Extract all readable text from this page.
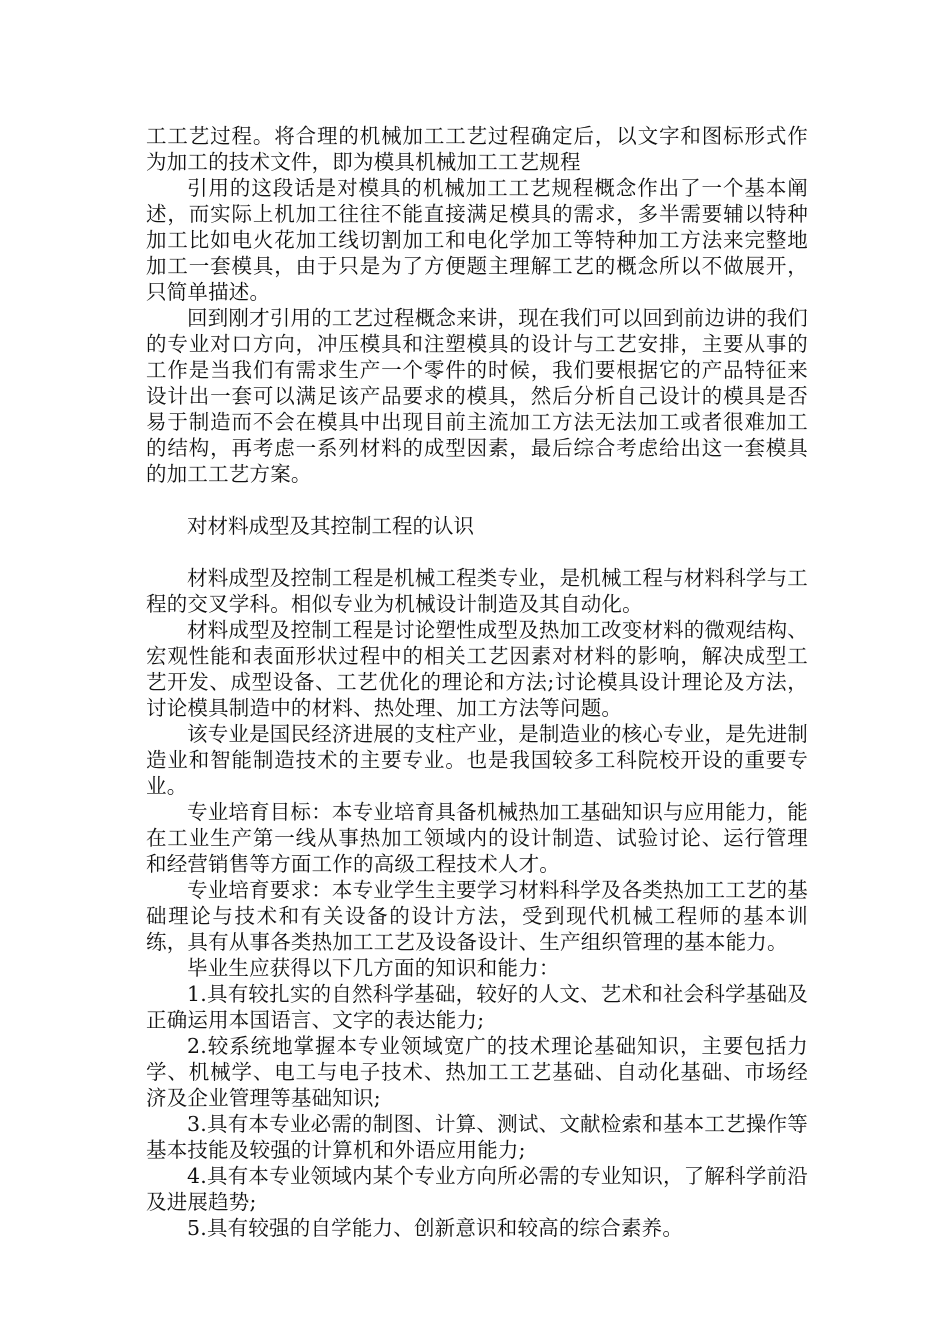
工工艺过程。将合理的机械加工工艺过程确定后，以文字和图标形式作为加工的技术文件，即为模具机械加工工艺规程

引用的这段话是对模具的机械加工工艺规程概念作出了一个基本阐述，而实际上机加工往往不能直接满足模具的需求，多半需要辅以特种加工比如电火花加工线切割加工和电化学加工等特种加工方法来完整地加工一套模具，由于只是为了方便题主理解工艺的概念所以不做展开，只简单描述。

回到刚才引用的工艺过程概念来讲，现在我们可以回到前边讲的我们的专业对口方向，冲压模具和注塑模具的设计与工艺安排，主要从事的工作是当我们有需求生产一个零件的时候，我们要根据它的产品特征来设计出一套可以满足该产品要求的模具，然后分析自己设计的模具是否易于制造而不会在模具中出现目前主流加工方法无法加工或者很难加工的结构，再考虑一系列材料的成型因素，最后综合考虑给出这一套模具的加工工艺方案。

对材料成型及其控制工程的认识

材料成型及控制工程是机械工程类专业，是机械工程与材料科学与工程的交叉学科。相似专业为机械设计制造及其自动化。

材料成型及控制工程是讨论塑性成型及热加工改变材料的微观结构、宏观性能和表面形状过程中的相关工艺因素对材料的影响，解决成型工艺开发、成型设备、工艺优化的理论和方法;讨论模具设计理论及方法，讨论模具制造中的材料、热处理、加工方法等问题。

该专业是国民经济进展的支柱产业，是制造业的核心专业，是先进制造业和智能制造技术的主要专业。也是我国较多工科院校开设的重要专业。

专业培育目标：本专业培育具备机械热加工基础知识与应用能力，能在工业生产第一线从事热加工领域内的设计制造、试验讨论、运行管理和经营销售等方面工作的高级工程技术人才。

专业培育要求：本专业学生主要学习材料科学及各类热加工工艺的基础理论与技术和有关设备的设计方法，受到现代机械工程师的基本训练，具有从事各类热加工工艺及设备设计、生产组织管理的基本能力。

毕业生应获得以下几方面的知识和能力：

1.具有较扎实的自然科学基础，较好的人文、艺术和社会科学基础及正确运用本国语言、文字的表达能力;

2.较系统地掌握本专业领域宽广的技术理论基础知识，主要包括力学、机械学、电工与电子技术、热加工工艺基础、自动化基础、市场经济及企业管理等基础知识;

3.具有本专业必需的制图、计算、测试、文献检索和基本工艺操作等基本技能及较强的计算机和外语应用能力;

4.具有本专业领域内某个专业方向所必需的专业知识，了解科学前沿及进展趋势;

5.具有较强的自学能力、创新意识和较高的综合素养。
